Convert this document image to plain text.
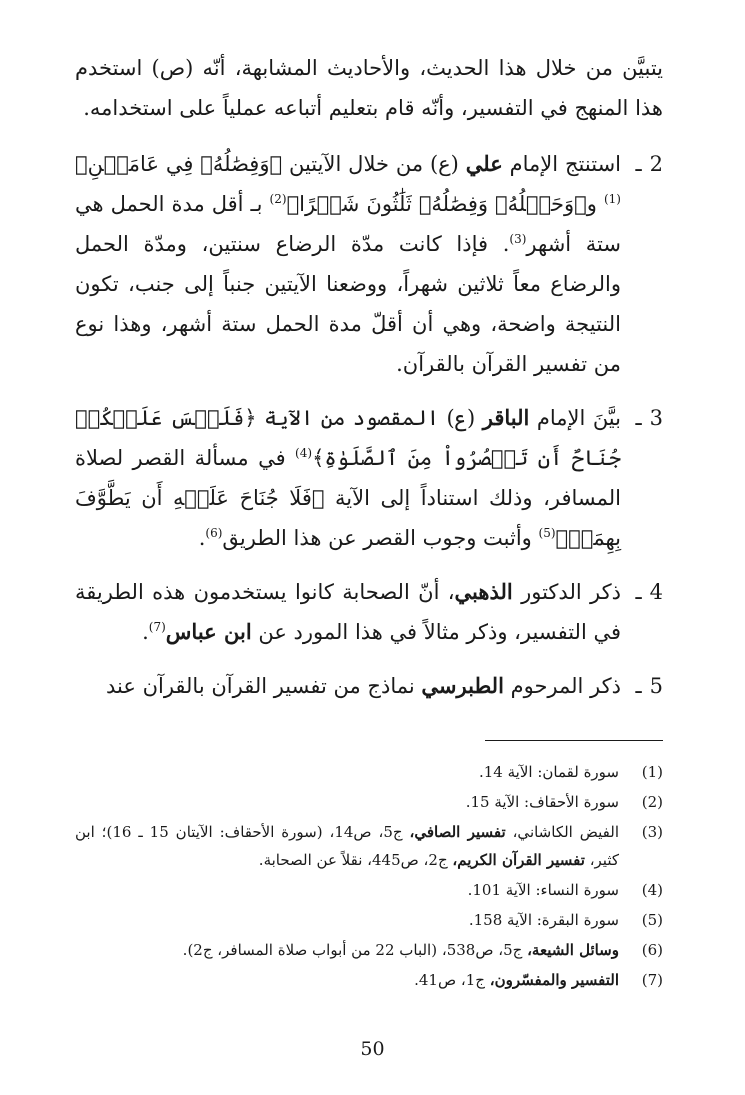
يتبيَّن من خلال هذا الحديث، والأحاديث المشابهة، أنّه (ص) استخدم هذا المنهج في التفسير، وأنّه قام بتعليم أتباعه عملياً على استخدامه.

2
ـ
استنتج الإمام علي (ع) من خلال الآيتين ﴿وَفِصَٰلُهُۥ فِي عَامَيۡنِ﴾$^{(1)}$ و﴿وَحَمۡلُهُۥ وَفِصَٰلُهُۥ ثَلَٰثُونَ شَهۡرًا﴾$^{(2)}$ بـ أقل مدة الحمل هي ستة أشهر$^{(3)}$. فإذا كانت مدّة الرضاع سنتين، ومدّة الحمل والرضاع معاً ثلاثين شهراً، ووضعنا الآيتين جنباً إلى جنب، تكون النتيجة واضحة، وهي أن أقلّ مدة الحمل ستة أشهر، وهذا نوع من تفسير القرآن بالقرآن.
3
ـ
بيَّنَ الإمام الباقر (ع) المقصود من الآية ﴿فَلَيۡسَ عَلَيۡكُمۡ جُنَاحٌ أَن تَقۡصُرُواْ مِنَ ٱلصَّلَوٰةِ﴾$^{(4)}$ في مسألة القصر لصلاة المسافر، وذلك استناداً إلى الآية ﴿فَلَا جُنَاحَ عَلَيۡهِ أَن يَطَّوَّفَ بِهِمَاۚ﴾$^{(5)}$ وأثبت وجوب القصر عن هذا الطريق$^{(6)}$.
4
ـ
ذكر الدكتور الذهبي، أنّ الصحابة كانوا يستخدمون هذه الطريقة في التفسير، وذكر مثالاً في هذا المورد عن ابن عباس$^{(7)}$.
5
ـ
ذكر المرحوم الطبرسي نماذج من تفسير القرآن بالقرآن عند
(1)
سورة لقمان: الآية 14.
(2)
سورة الأحقاف: الآية 15.
(3)
الفيض الكاشاني، تفسير الصافي، ج5، ص14، (سورة الأحقاف: الآيتان 15 ـ 16)؛ ابن كثير، تفسير القرآن الكريم، ج2، ص445، نقلاً عن الصحابة.
(4)
سورة النساء: الآية 101.
(5)
سورة البقرة: الآية 158.
(6)
وسائل الشيعة، ج5، ص538، (الباب 22 من أبواب صلاة المسافر، ج2).
(7)
التفسير والمفسّرون، ج1، ص41.
50
